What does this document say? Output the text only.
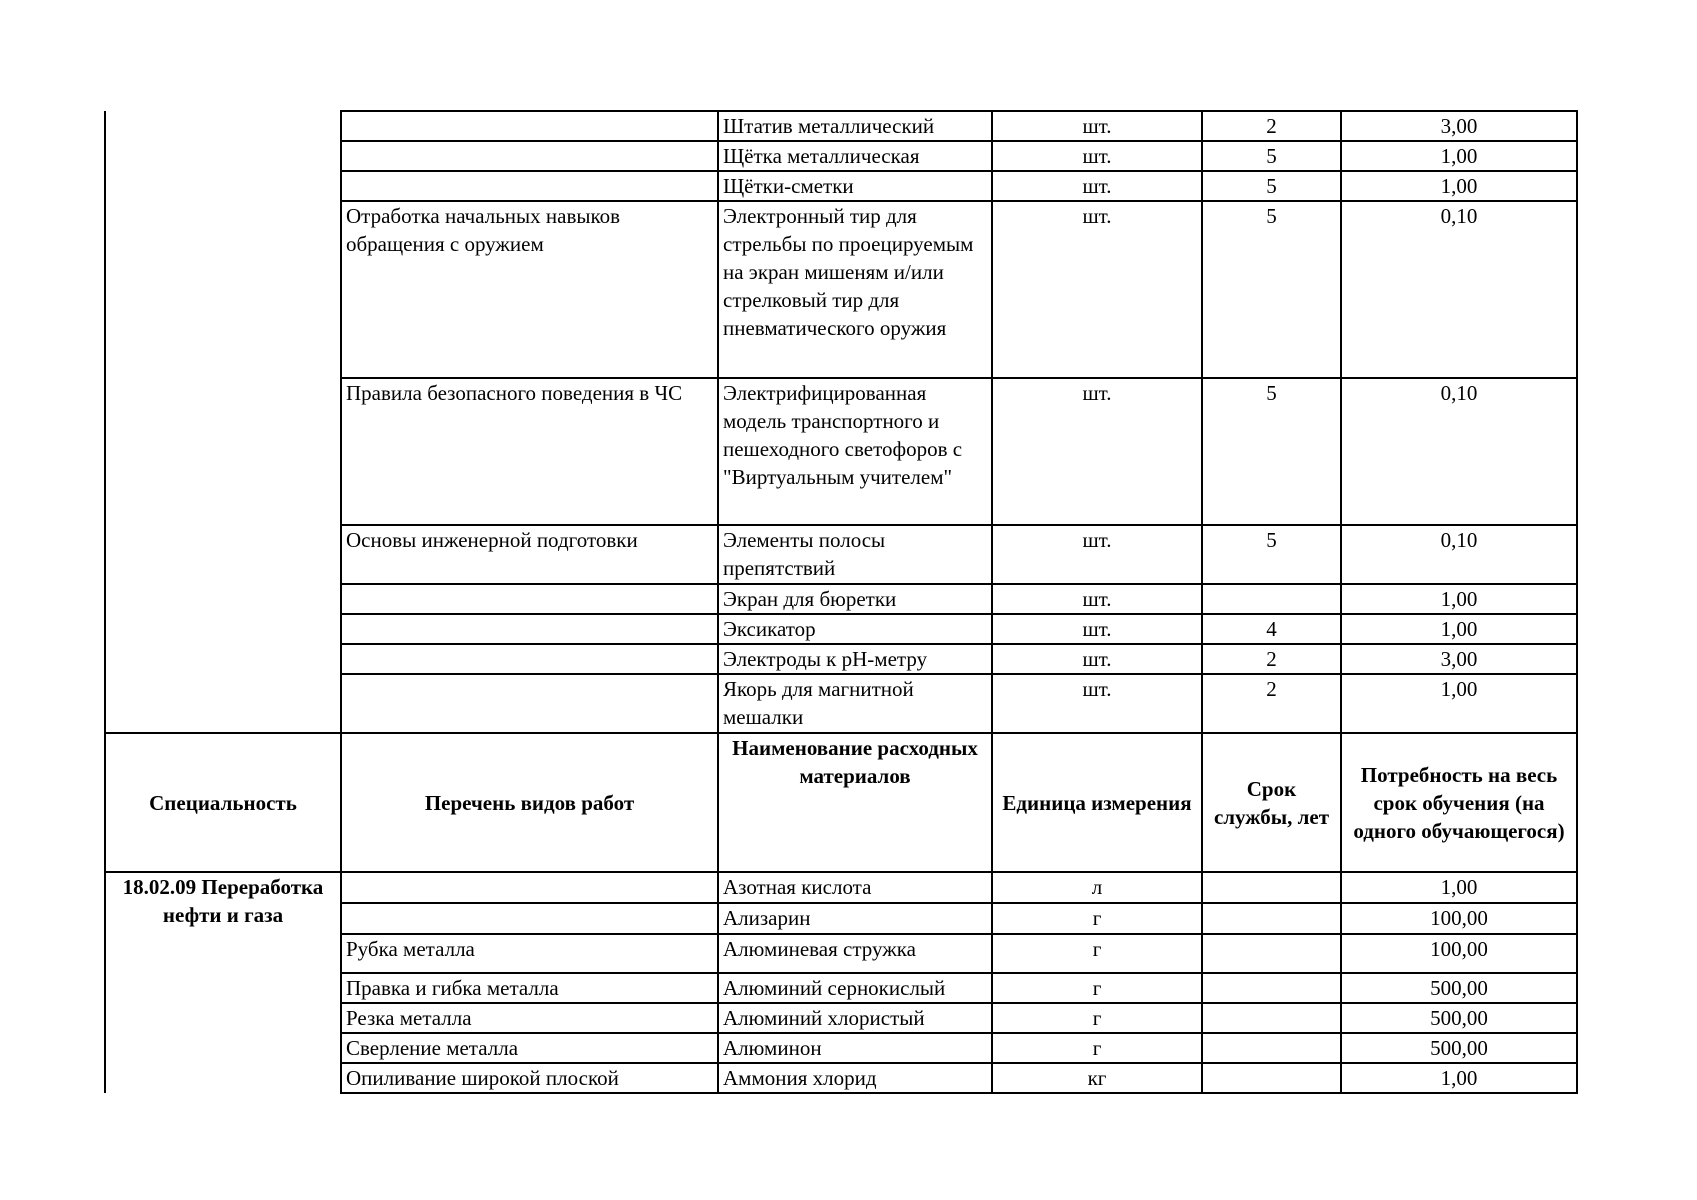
		Штатив металлический	шт.	2	3,00
		Щётка металлическая	шт.	5	1,00
		Щётки-сметки	шт.	5	1,00
	Отработка начальных навыков обращения с оружием	Электронный тир для стрельбы по проецируемым на экран мишеням и/или стрелковый тир для пневматического оружия	шт.	5	0,10
	Правила безопасного поведения в ЧС	Электрифицированная модель транспортного и пешеходного светофоров с "Виртуальным учителем"	шт.	5	0,10
	Основы инженерной подготовки	Элементы полосы препятствий	шт.	5	0,10
		Экран для бюретки	шт.		1,00
		Эксикатор	шт.	4	1,00
		Электроды к pH-метру	шт.	2	3,00
		Якорь для магнитной мешалки	шт.	2	1,00
Специальность	Перечень видов работ	Наименование расходных материалов	Единица измерения	Срок службы, лет	Потребность на весь срок обучения (на одного обучающегося)

18.02.09 Переработка нефти и газа		Азотная кислота	л		1,00
		Ализарин	г		100,00
	Рубка металла	Алюминевая стружка	г		100,00
	Правка и гибка металла	Алюминий сернокислый	г		500,00
	Резка металла	Алюминий хлористый	г		500,00
	Сверление металла	Алюминон	г		500,00
	Опиливание широкой плоской	Аммония хлорид	кг		1,00
